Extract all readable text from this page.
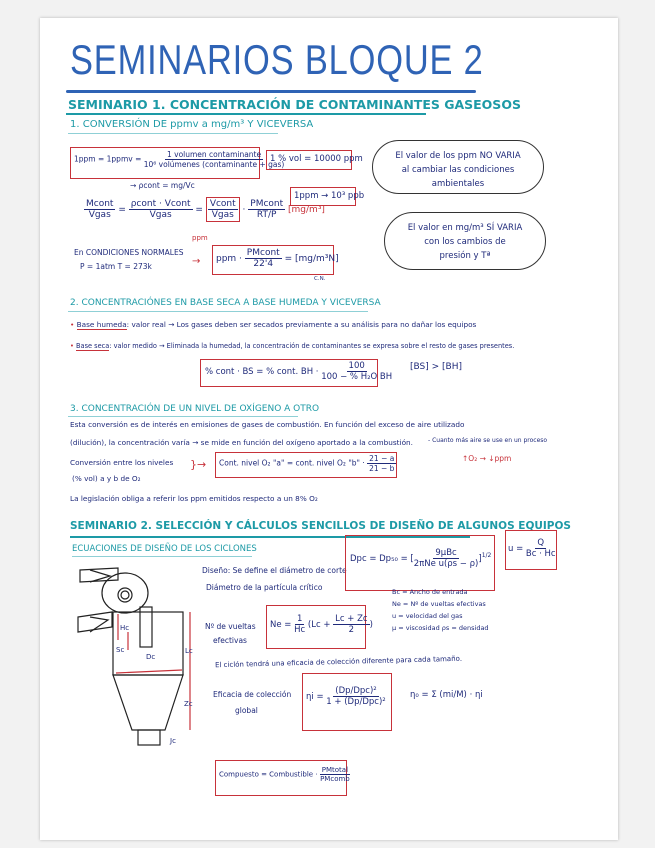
SEMINARIOS BLOQUE 2
SEMINARIO 1. CONCENTRACIÓN DE CONTAMINANTES GASEOSOS
1. CONVERSIÓN DE ppmv a mg/m³ Y VICEVERSA
1ppm = 1ppmv = $\frac{\text{1 volumen contaminante}}{\text{10⁶ volúmenes (contaminante + gas)}}$
1 % vol = 10000 ppm
→ ρcont = mg/Vc
1ppm → 10³ ppb
$\frac{\text{Mcont}}{\text{Vgas}} = \frac{\text{ρcont · Vcont}}{\text{Vgas}} = \frac{\text{Vcont}}{\text{Vgas}} \cdot \frac{\text{PMcont}}{RT/P} [mg/m^3]$
ppm
En CONDICIONES NORMALES
P = 1atm T = 273k	→ ppm · $\frac{\text{PMcont}}{22'4} = [mg/m^3N]$
C.N.
El valor de los ppm NO VARIA
al cambiar las condiciones
ambientales
El valor en mg/m³ SÍ VARIA
con los cambios de
presión y Tª
2. CONCENTRACIÓNES EN BASE SECA A BASE HUMEDA Y VICEVERSA
• Base humeda: valor real → Los gases deben ser secados previamente a su análisis para no dañar los equipos
• Base seca: valor medido → Eliminada la humedad, la concentración de contaminantes se expresa sobre el resto de gases presentes.
% cont · BS = % cont. BH · $\frac{100}{\text{100 − \% H₂O BH}} [BS] > [BH]$
3. CONCENTRACIÓN DE UN NIVEL DE OXÍGENO A OTRO
Esta conversión es de interés en emisiones de gases de combustión. En función del exceso de aire utilizado
(dilución), la concentración varía → se mide en función del oxígeno aportado a la combustión.	- Cuanto más aire se use en un proceso
↑O₂ → ↓ppm
Conversión entre los niveles
(% vol) a y b de O₂
}→ Cont. nivel O₂ "a" = cont. nivel O₂ "b" · $\frac{21 - a}{21 - b}$
La legislación obliga a referir los ppm emitidos respecto a un 8% O₂
SEMINARIO 2. SELECCIÓN Y CÁLCULOS SENCILLOS DE DISEÑO DE ALGUNOS EQUIPOS
ECUACIONES DE DISEÑO DE LOS CICLONES
Hc
Sc
Dc
Lc
Zc
Jc
Diseño: Se define el diámetro de corte
Diámetro de la partícula crítico
Dpc = Dp₅₀ = [ $\frac{\text{9μBc}}{\text{2πNe u(ρs − ρ)}} ]^{1/2}$
$u = \frac{Q}{Bc \cdot Hc}$
Bc = Ancho de entrada
Ne = Nº de vueltas efectivas
u = velocidad del gas
μ = viscosidad ρs = densidad
Nº de vueltas
efectivas
$Ne = \frac{1}{Hc} (Lc + \frac{Lc + Zc}{2}$ )
El ciclón tendrá una eficacia de colección diferente para cada tamaño.
Eficacia de colección
global
$\eta i = \frac{\text{(Dp/Dpc)²}}{\text{1 + (Dp/Dpc)²}}$	η₀ = Σ (mi/M) · ηi
Compuesto = Combustible · $\frac{\text{PMtotal}}{\text{PMcomb}}$
